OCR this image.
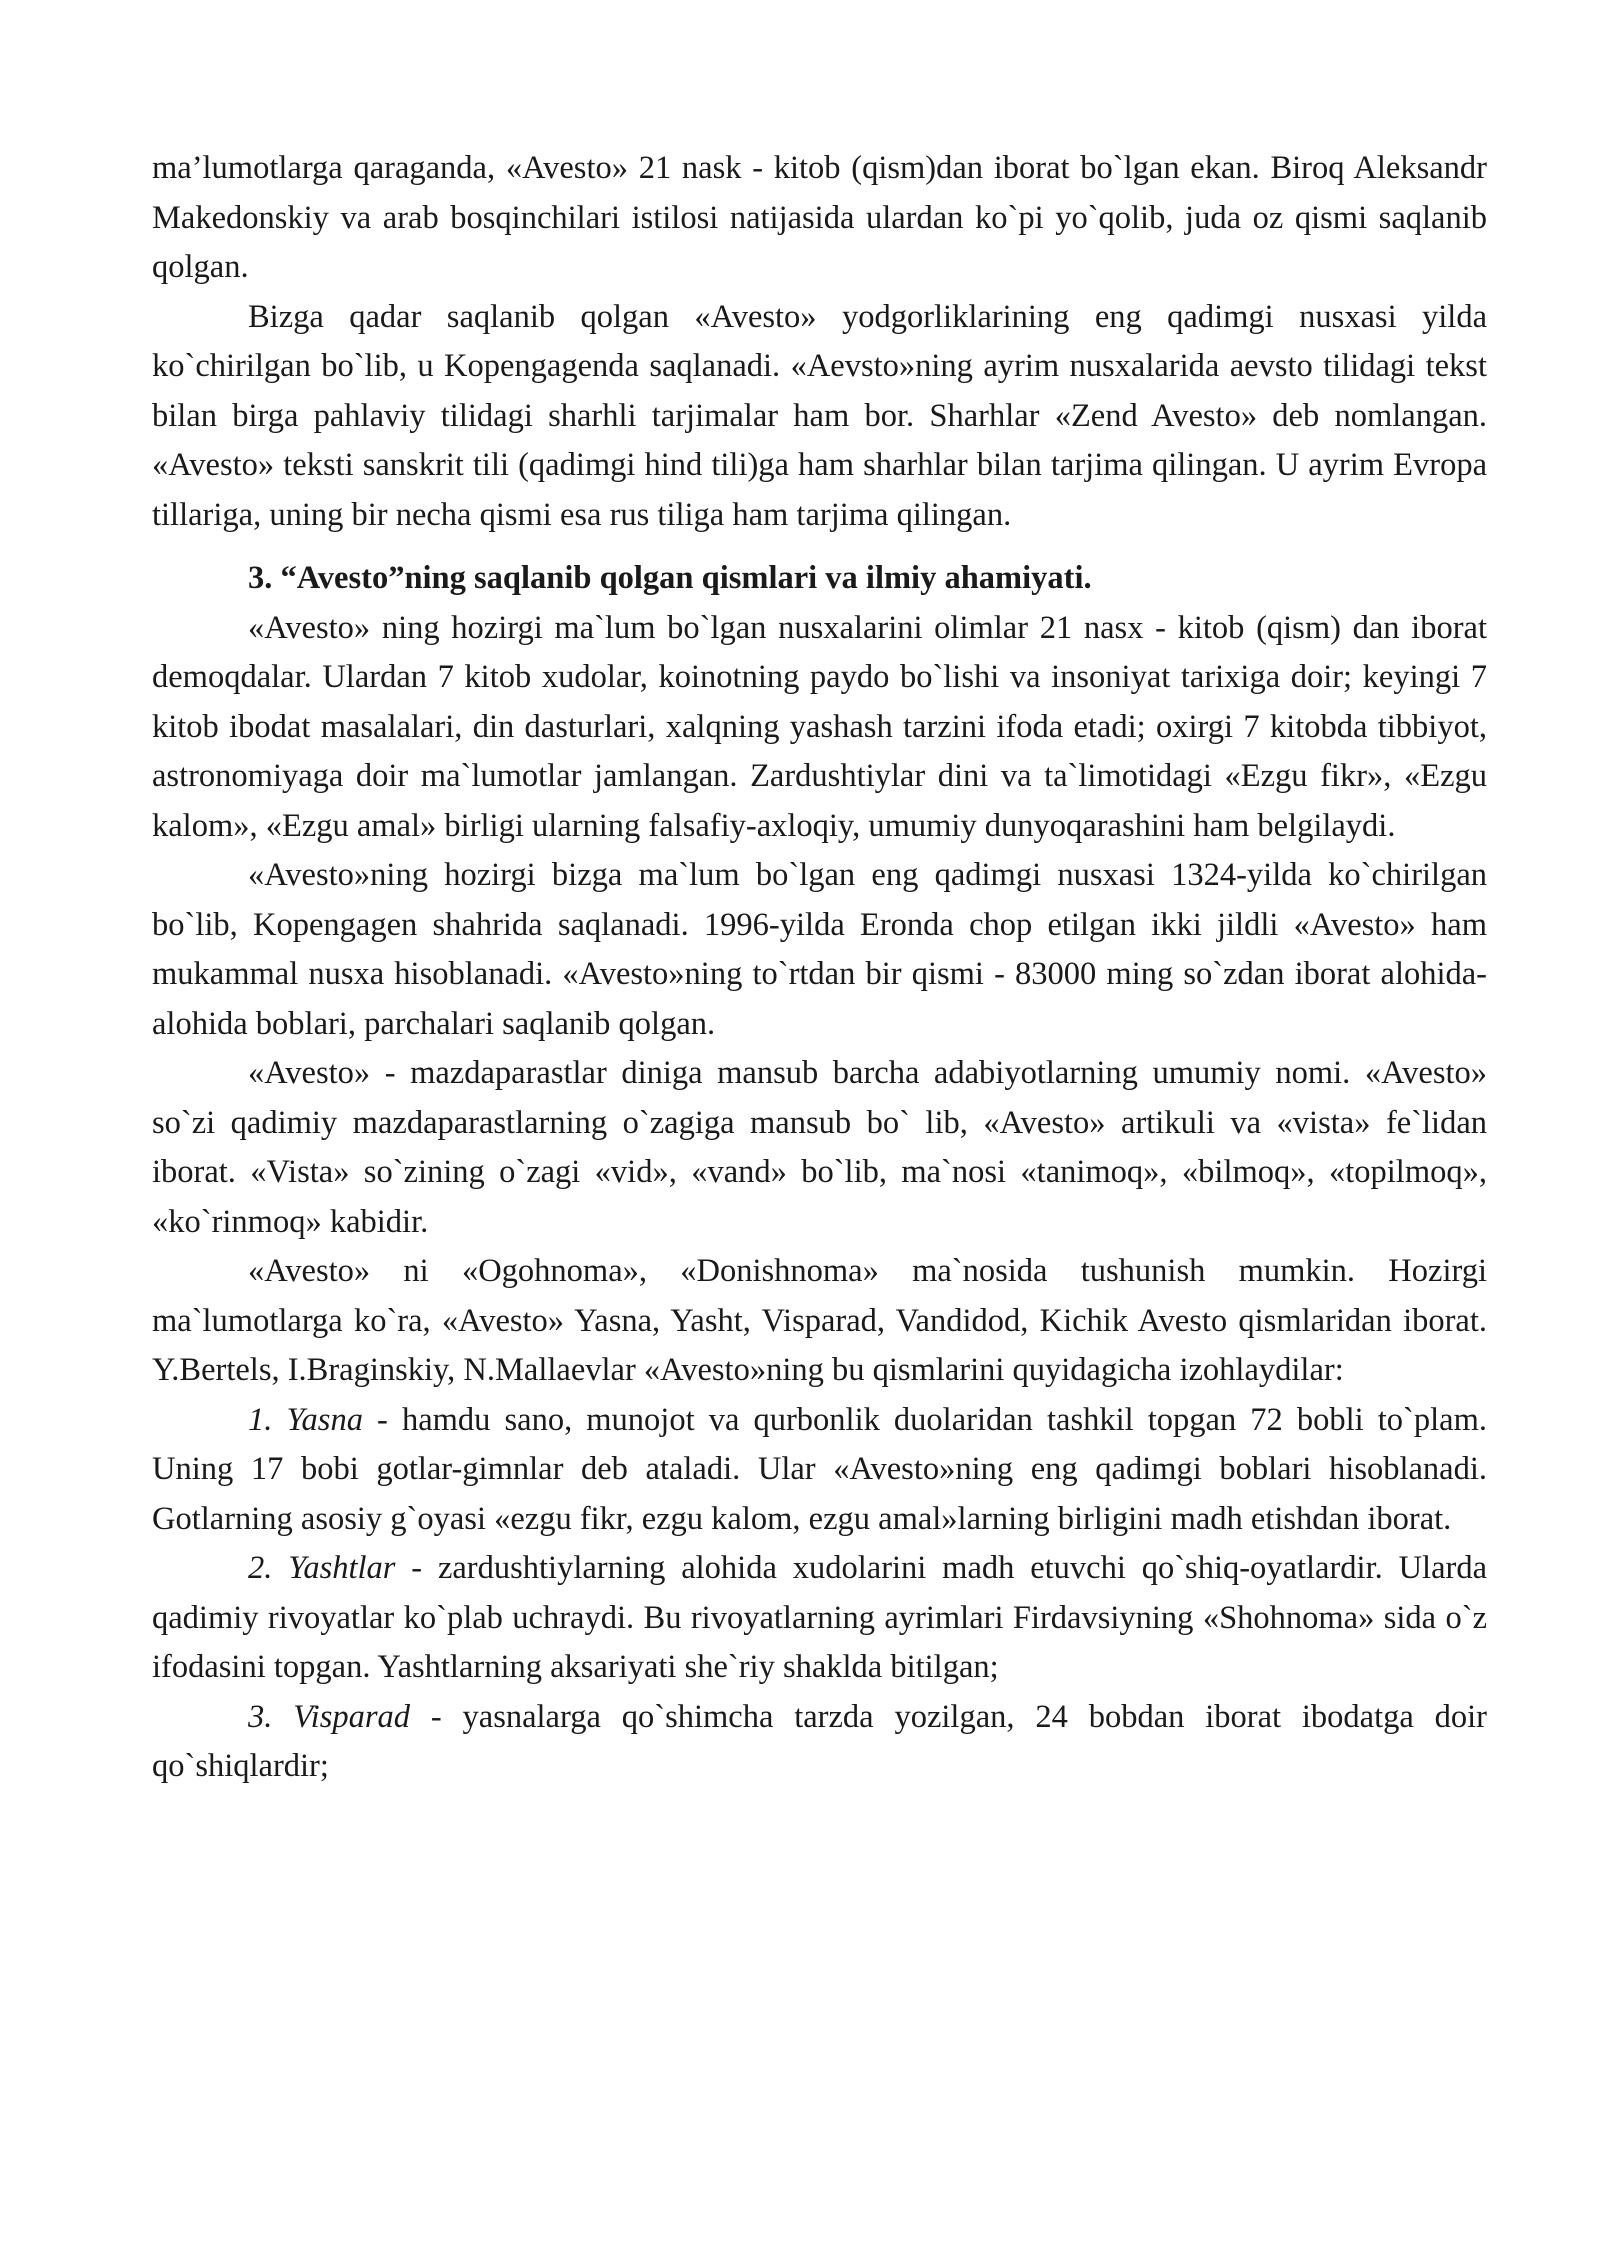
ma’lumotlarga qaraganda, «Avesto» 21 nask - kitob (qism)dan iborat bo`lgan ekan. Biroq Aleksandr Makedonskiy va arab bosqinchilari istilosi natijasida ulardan ko`pi yo`qolib, juda oz qismi saqlanib qolgan.

Bizga qadar saqlanib qolgan «Avesto» yodgorliklarining eng qadimgi nusxasi yilda ko`chirilgan bo`lib, u Kopengagenda saqlanadi. «Aevsto»ning ayrim nusxalarida aevsto tilidagi tekst bilan birga pahlaviy tilidagi sharhli tarjimalar ham bor. Sharhlar «Zend Avesto» deb nomlangan. «Avesto» teksti sanskrit tili (qadimgi hind tili)ga ham sharhlar bilan tarjima qilingan. U ayrim Evropa tillariga, uning bir necha qismi esa rus tiliga ham tarjima qilingan.

3. “Avesto”ning saqlanib qolgan qismlari va ilmiy ahamiyati.

«Avesto» ning hozirgi ma`lum bo`lgan nusxalarini olimlar 21 nasx - kitob (qism) dan iborat demoqdalar. Ulardan 7 kitob xudolar, koinotning paydo bo`lishi va insoniyat tarixiga doir; keyingi 7 kitob ibodat masalalari, din dasturlari, xalqning yashash tarzini ifoda etadi; oxirgi 7 kitobda tibbiyot, astronomiyaga doir ma`lumotlar jamlangan. Zardushtiylar dini va ta`limotidagi «Ezgu fikr», «Ezgu kalom», «Ezgu amal» birligi ularning falsafiy-axloqiy, umumiy dunyoqarashini ham belgilaydi.

«Avesto»ning hozirgi bizga ma`lum bo`lgan eng qadimgi nusxasi 1324-yilda ko`chirilgan bo`lib, Kopengagen shahrida saqlanadi. 1996-yilda Eronda chop etilgan ikki jildli «Avesto» ham mukammal nusxa hisoblanadi. «Avesto»ning to`rtdan bir qismi - 83000 ming so`zdan iborat alohida-alohida boblari, parchalari saqlanib qolgan.

«Avesto» - mazdaparastlar diniga mansub barcha adabiyotlarning umumiy nomi. «Avesto» so`zi qadimiy mazdaparastlarning o`zagiga mansub bo` lib, «Avesto» artikuli va «vista» fe`lidan iborat. «Vista» so`zining o`zagi «vid», «vand» bo`lib, ma`nosi «tanimoq», «bilmoq», «topilmoq», «ko`rinmoq» kabidir.

«Avesto» ni «Ogohnoma», «Donishnoma» ma`nosida tushunish mumkin. Hozirgi ma`lumotlarga ko`ra, «Avesto» Yasna, Yasht, Visparad, Vandidod, Kichik Avesto qismlaridan iborat. Y.Bertels, I.Braginskiy, N.Mallaevlar «Avesto»ning bu qismlarini quyidagicha izohlaydilar:

1. Yasna - hamdu sano, munojot va qurbonlik duolaridan tashkil topgan 72 bobli to`plam. Uning 17 bobi gotlar-gimnlar deb ataladi. Ular «Avesto»ning eng qadimgi boblari hisoblanadi. Gotlarning asosiy g`oyasi «ezgu fikr, ezgu kalom, ezgu amal»larning birligini madh etishdan iborat.

2. Yashtlar - zardushtiylarning alohida xudolarini madh etuvchi qo`shiq-oyatlardir. Ularda qadimiy rivoyatlar ko`plab uchraydi. Bu rivoyatlarning ayrimlari Firdavsiyning «Shohnoma» sida o`z ifodasini topgan. Yashtlarning aksariyati she`riy shaklda bitilgan;

3. Visparad - yasnalarga qo`shimcha tarzda yozilgan, 24 bobdan iborat ibodatga doir qo`shiqlardir;
